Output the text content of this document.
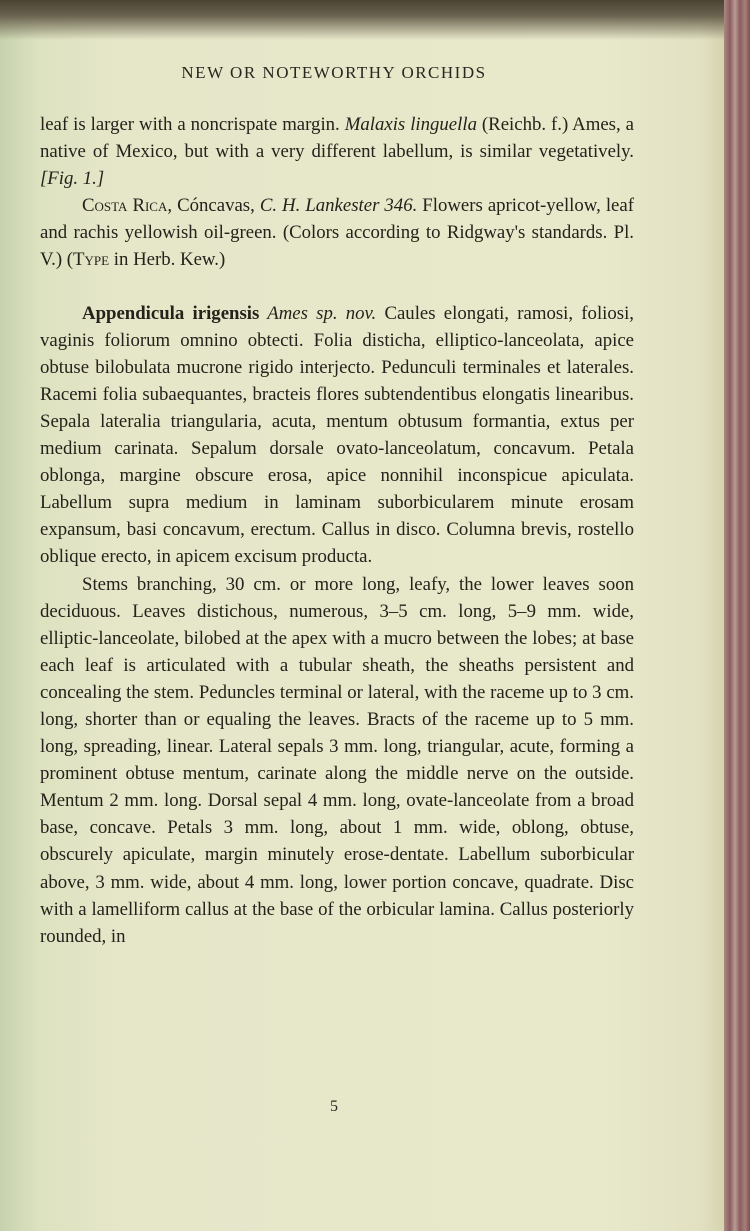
NEW OR NOTEWORTHY ORCHIDS

leaf is larger with a noncrispate margin. Malaxis linguella (Reichb. f.) Ames, a native of Mexico, but with a very different labellum, is similar vegetatively. [Fig. 1.]

Costa Rica, Cóncavas, C. H. Lankester 346. Flowers apricot-yellow, leaf and rachis yellowish oil-green. (Colors according to Ridgway's standards. Pl. V.) (Type in Herb. Kew.)

Appendicula irigensis Ames sp. nov. Caules elongati, ramosi, foliosi, vaginis foliorum omnino obtecti. Folia disticha, elliptico-lanceolata, apice obtuse bilobulata mucrone rigido interjecto. Pedunculi terminales et laterales. Racemi folia subaequantes, bracteis flores subtendentibus elongatis linearibus. Sepala lateralia triangularia, acuta, mentum obtusum formantia, extus per medium carinata. Sepalum dorsale ovato-lanceolatum, concavum. Petala oblonga, margine obscure erosa, apice nonnihil inconspicue apiculata. Labellum supra medium in laminam suborbicularem minute erosam expansum, basi concavum, erectum. Callus in disco. Columna brevis, rostello oblique erecto, in apicem excisum producta.

Stems branching, 30 cm. or more long, leafy, the lower leaves soon deciduous. Leaves distichous, numerous, 3–5 cm. long, 5–9 mm. wide, elliptic-lanceolate, bilobed at the apex with a mucro between the lobes; at base each leaf is articulated with a tubular sheath, the sheaths persistent and concealing the stem. Peduncles terminal or lateral, with the raceme up to 3 cm. long, shorter than or equaling the leaves. Bracts of the raceme up to 5 mm. long, spreading, linear. Lateral sepals 3 mm. long, triangular, acute, forming a prominent obtuse mentum, carinate along the middle nerve on the outside. Mentum 2 mm. long. Dorsal sepal 4 mm. long, ovate-lanceolate from a broad base, concave. Petals 3 mm. long, about 1 mm. wide, oblong, obtuse, obscurely apiculate, margin minutely erose-dentate. Labellum suborbicular above, 3 mm. wide, about 4 mm. long, lower portion concave, quadrate. Disc with a lamelliform callus at the base of the orbicular lamina. Callus posteriorly rounded, in

5
